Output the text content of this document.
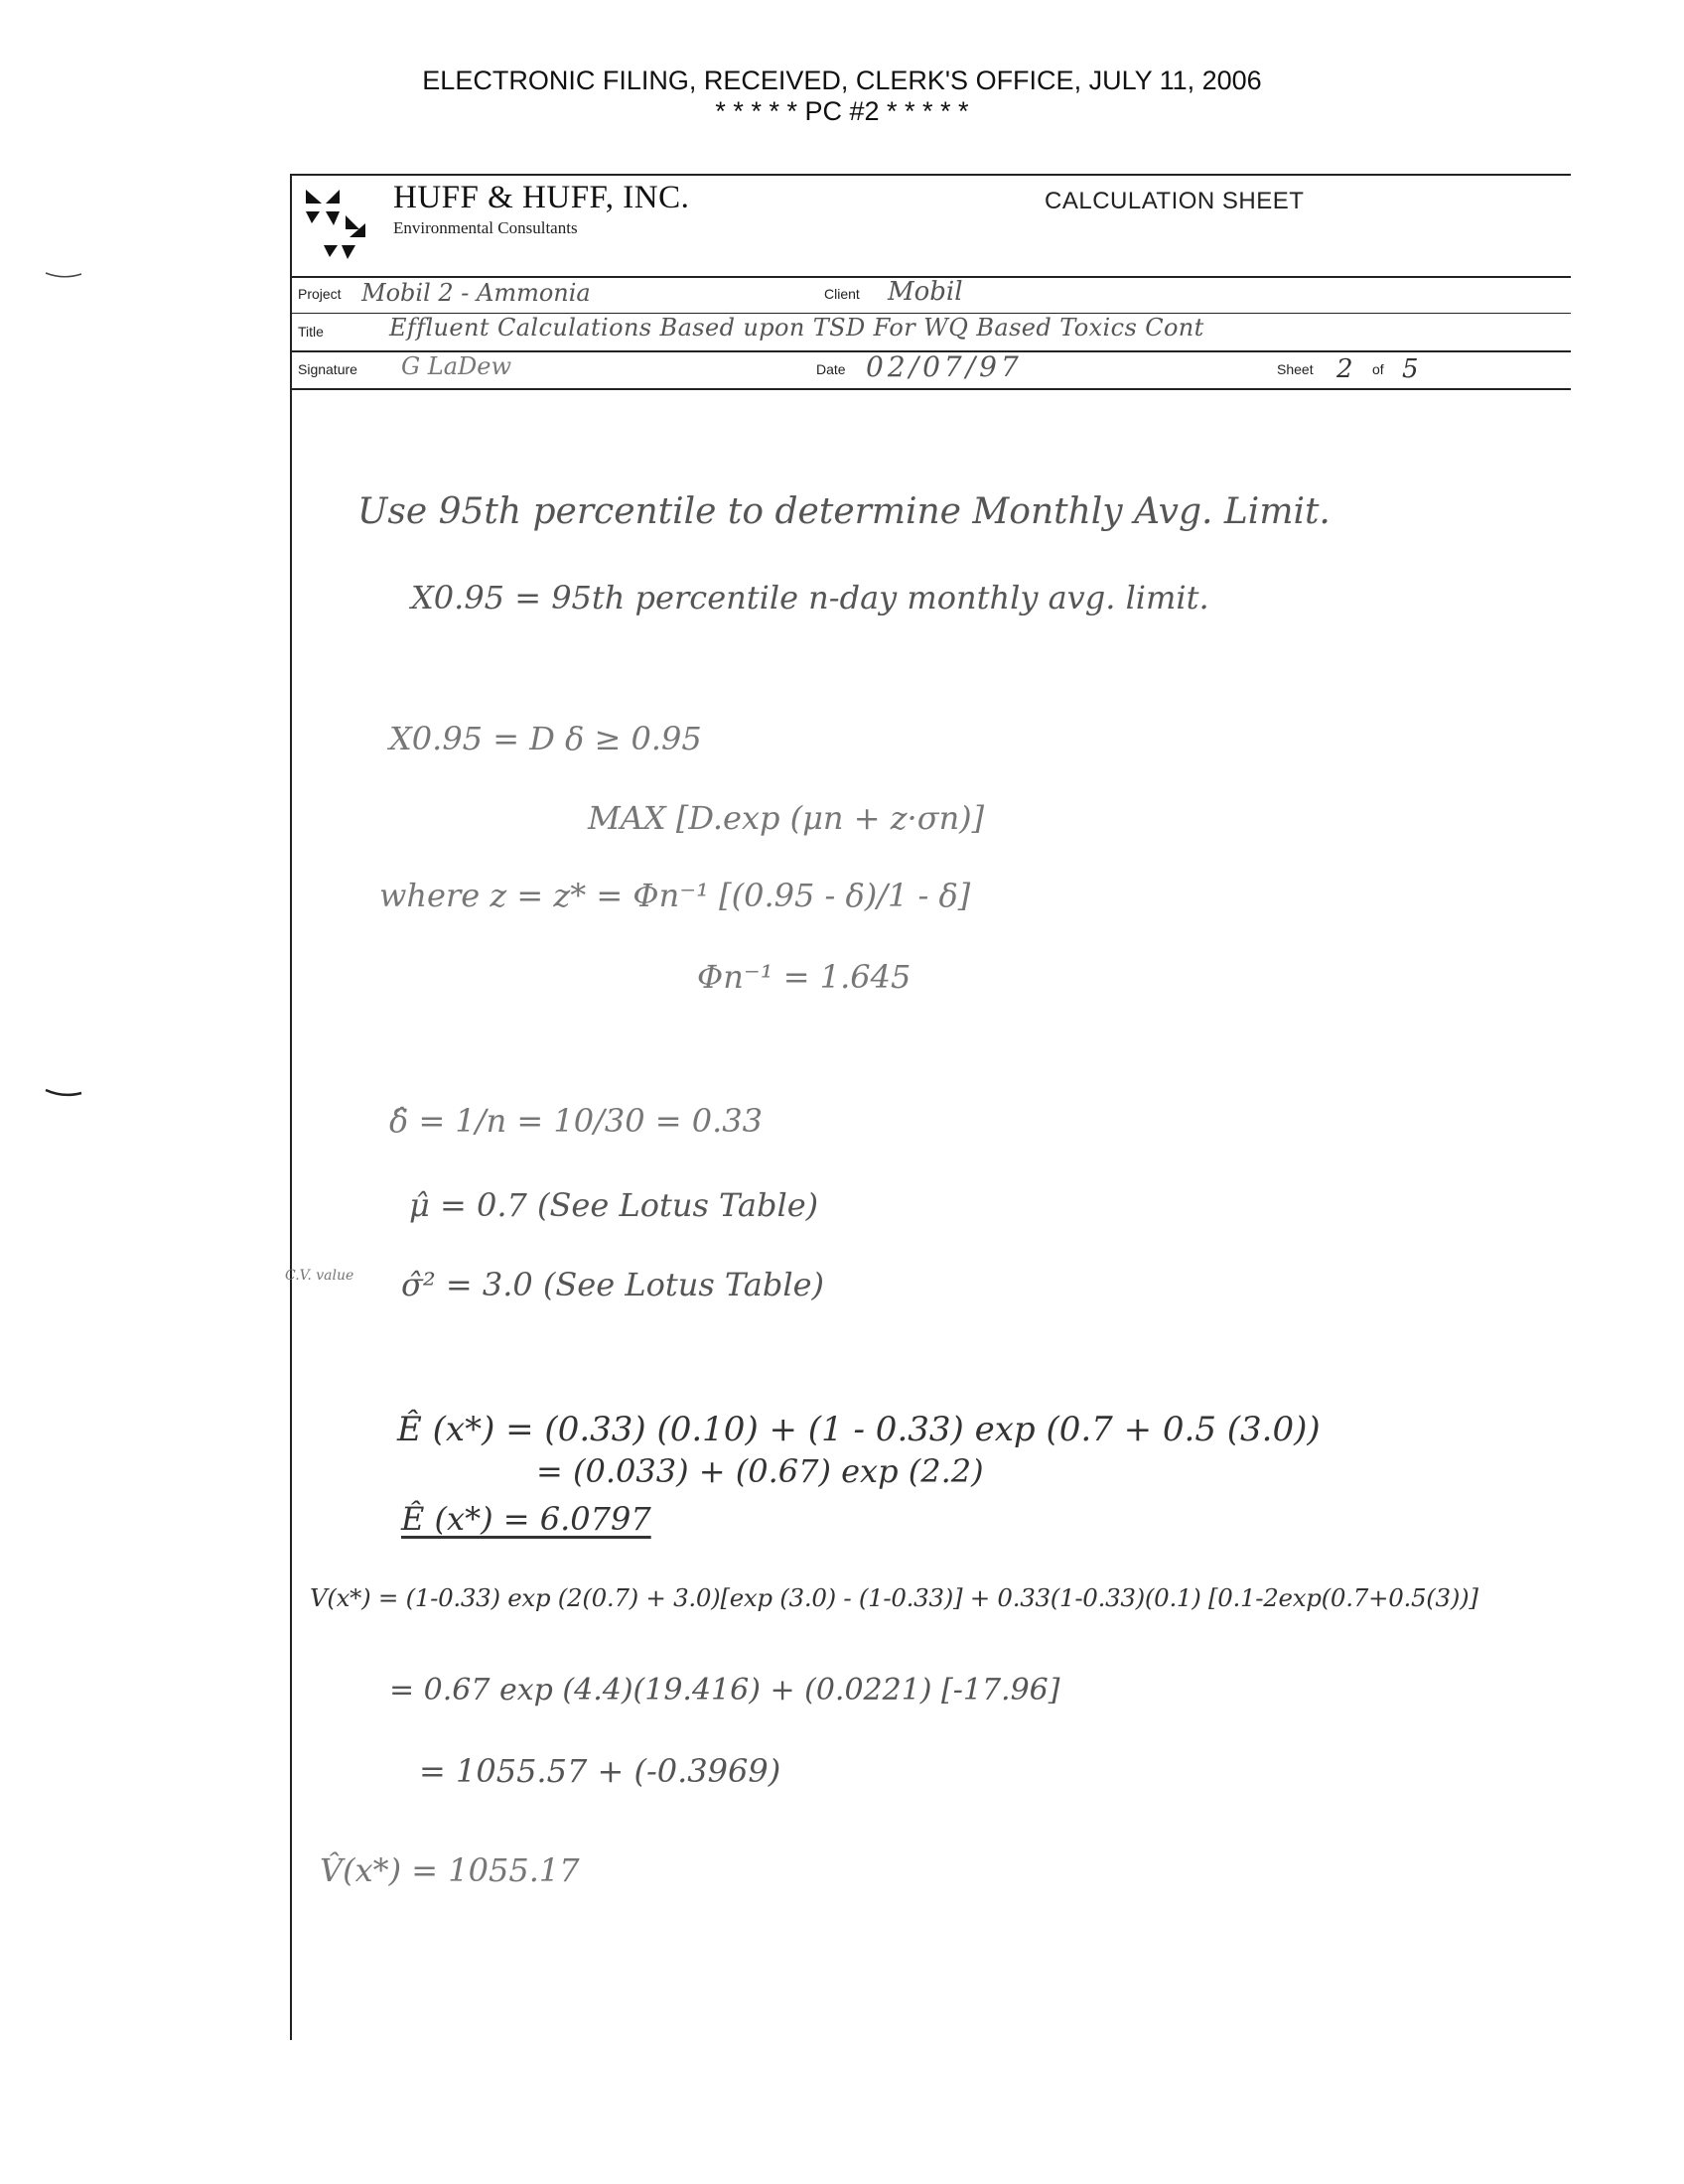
ELECTRONIC FILING, RECEIVED, CLERK'S OFFICE, JULY 11, 2006
* * * * * PC #2 * * * * *
HUFF & HUFF, INC.
Environmental Consultants
CALCULATION SHEET
Project Mobil 2 - Ammonia	Client Mobil
Title	Effluent Calculations Based upon TSD For WQ Based Toxics Cont
Signature G LaDew	Date 02/07/97	Sheet 2 of 5
Use 95th percentile to determine Monthly Avg. Limit.
X0.95 = 95th percentile n-day monthly avg. limit.
X0.95 = D δ ≥ 0.95
MAX [D.exp (μn + z·σn)]
where z = z* = Φn⁻¹ [(0.95 - δ)/1 - δ]
Φn⁻¹ = 1.645
δ̂ = 1/n = 10/30 = 0.33
μ̂ = 0.7 (See Lotus Table)
C.V. value σ̂² = 3.0 (See Lotus Table)
Ê (x*) = (0.33) (0.10) + (1 - 0.33) exp (0.7 + 0.5 (3.0))
= (0.033) + (0.67) exp (2.2)
Ê (x*) = 6.0797
V(x*) = (1-0.33) exp (2(0.7) + 3.0)[exp (3.0) - (1-0.33)] + 0.33(1-0.33)(0.1) [0.1-2exp(0.7+0.5(3))]
= 0.67 exp (4.4)(19.416) + (0.0221) [-17.96]
= 1055.57 + (-0.3969)
V̂(x*) = 1055.17
